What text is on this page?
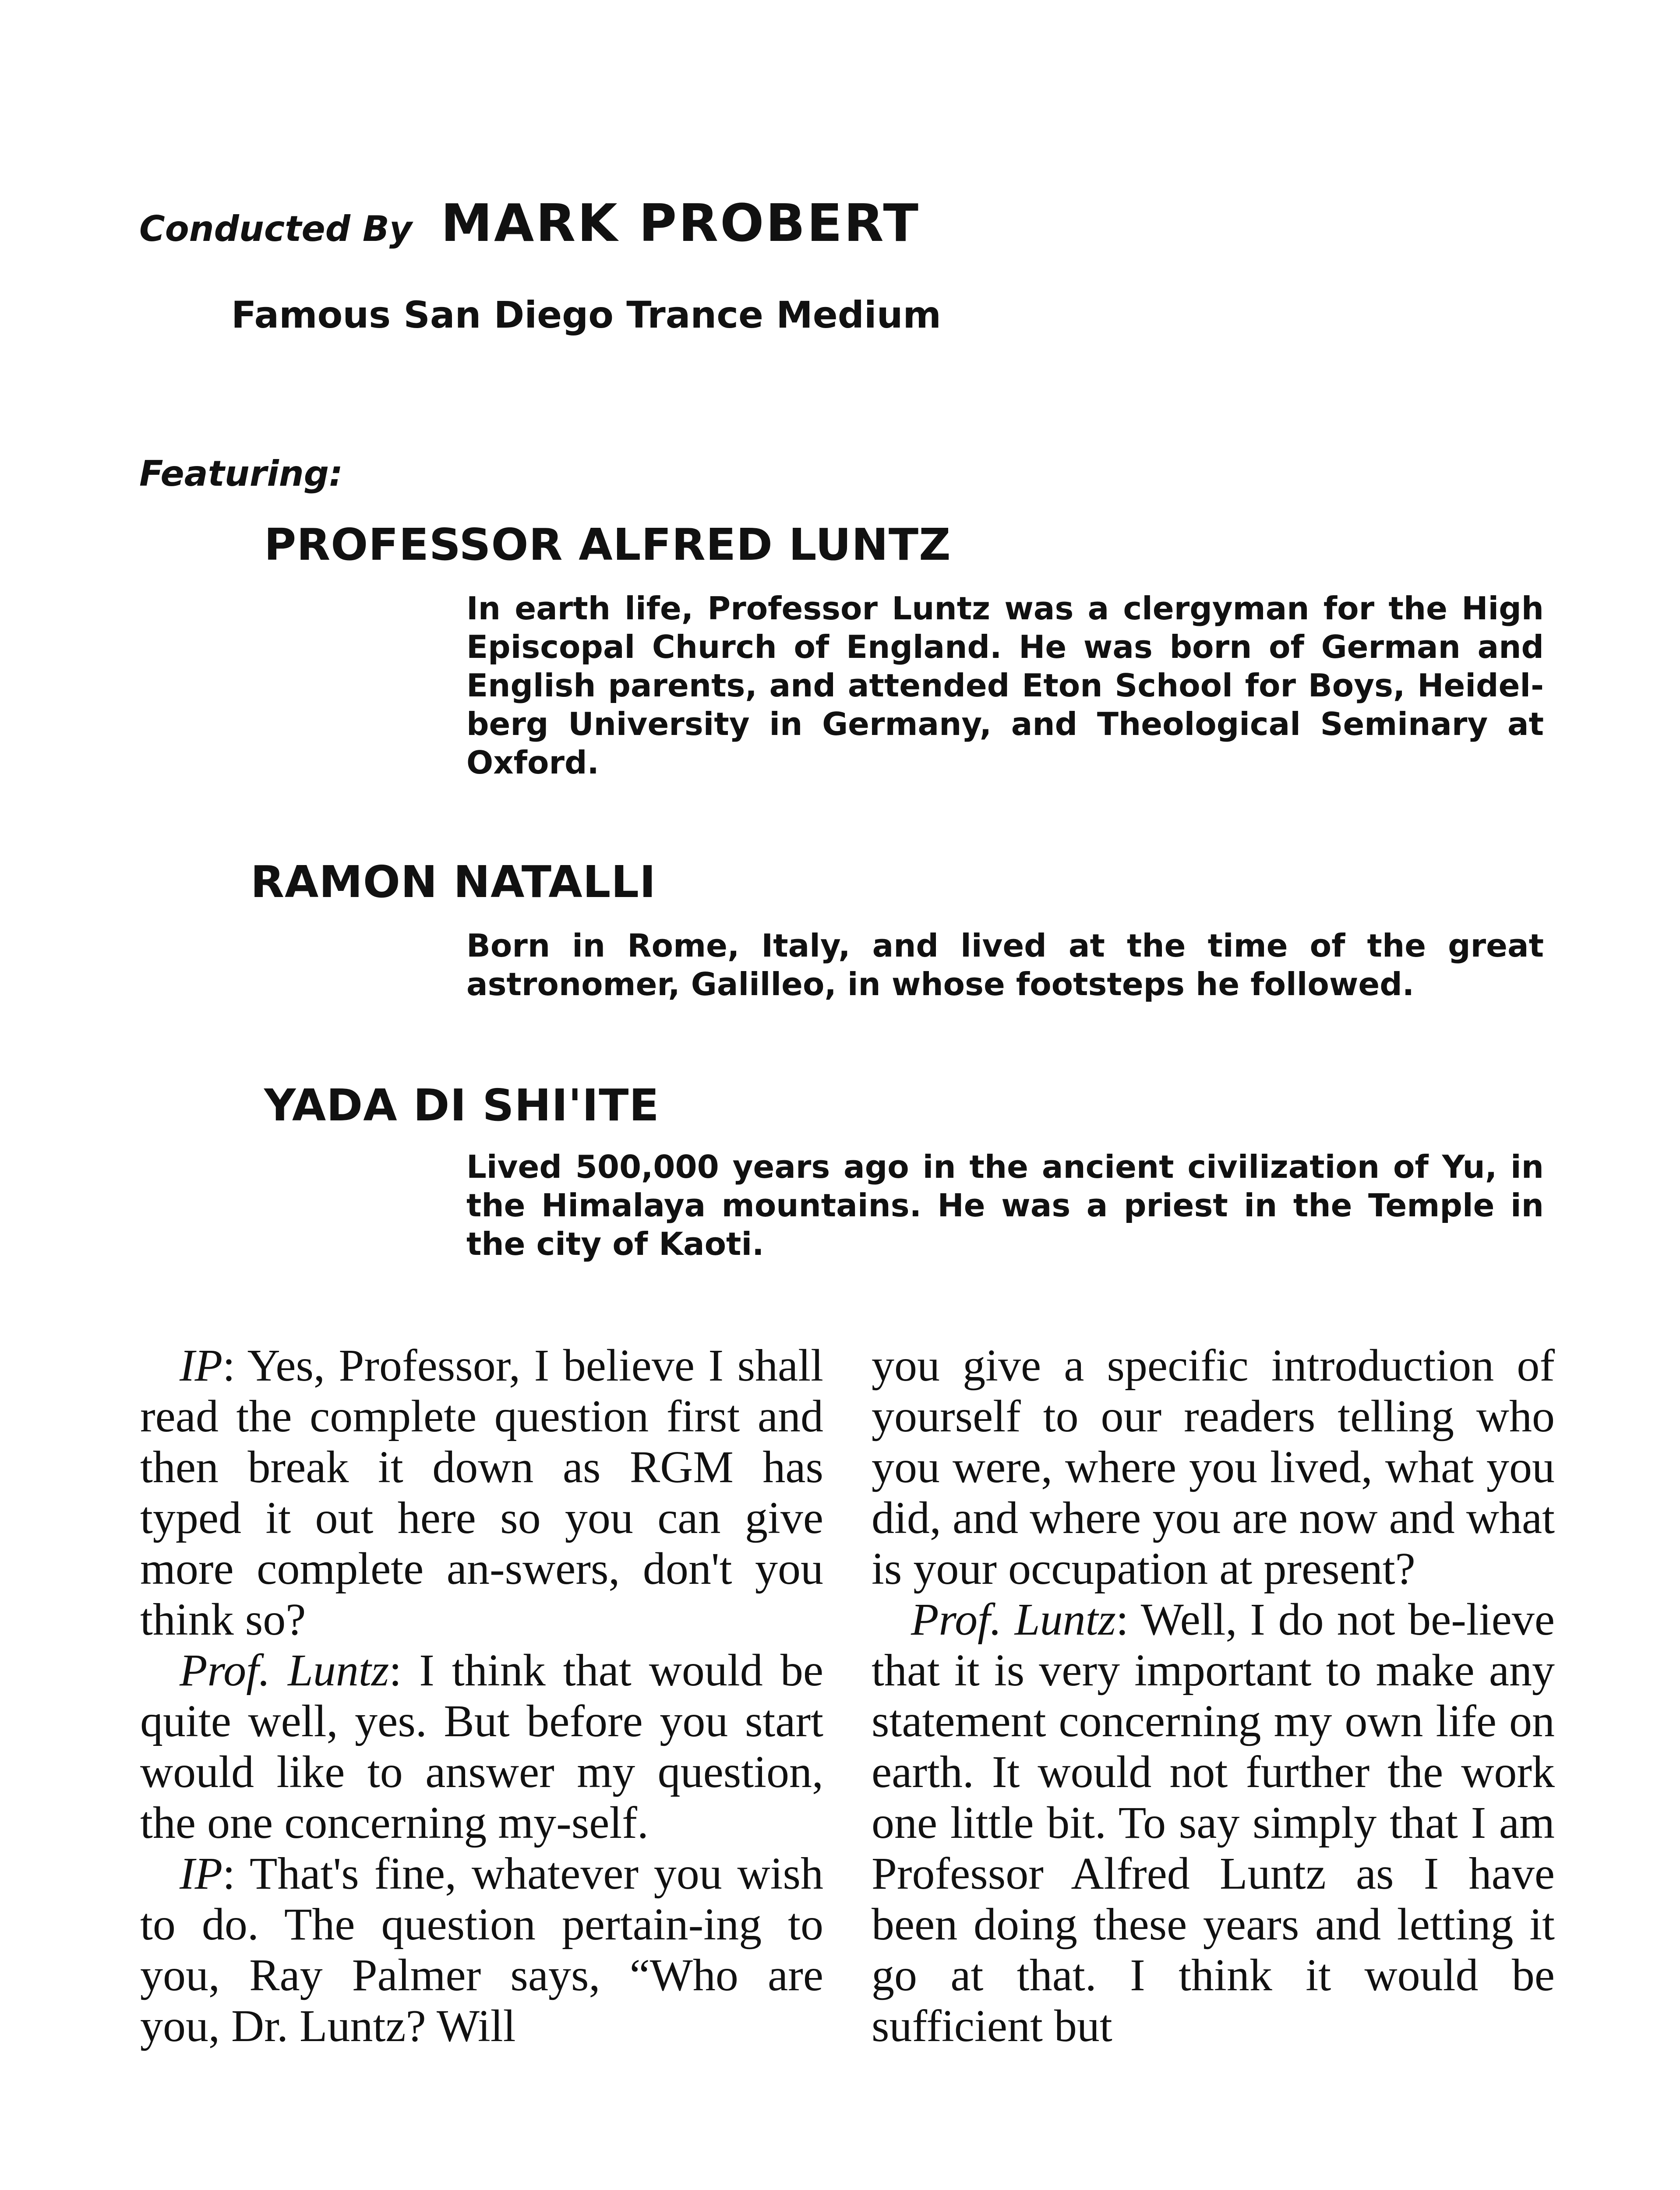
Conducted By MARK PROBERT
Famous San Diego Trance Medium
Featuring:
PROFESSOR ALFRED LUNTZ
In earth life, Professor Luntz was a clergyman for the High Episcopal Church of England. He was born of German and English parents, and attended Eton School for Boys, Heidel-berg University in Germany, and Theological Seminary at Oxford.
RAMON NATALLI
Born in Rome, Italy, and lived at the time of the great astronomer, Galilleo, in whose footsteps he followed.
YADA DI SHI'ITE
Lived 500,000 years ago in the ancient civilization of Yu, in the Himalaya mountains. He was a priest in the Temple in the city of Kaoti.

IP: Yes, Professor, I believe I shall read the complete question first and then break it down as RGM has typed it out here so you can give more complete an-swers, don't you think so?

Prof. Luntz: I think that would be quite well, yes. But before you start would like to answer my question, the one concerning my-self.

IP: That's fine, whatever you wish to do. The question pertain-ing to you, Ray Palmer says, “Who are you, Dr. Luntz? Will

you give a specific introduction of yourself to our readers telling who you were, where you lived, what you did, and where you are now and what is your occupation at present?

Prof. Luntz: Well, I do not be-lieve that it is very important to make any statement concerning my own life on earth. It would not further the work one little bit. To say simply that I am Professor Alfred Luntz as I have been doing these years and letting it go at that. I think it would be sufficient but
